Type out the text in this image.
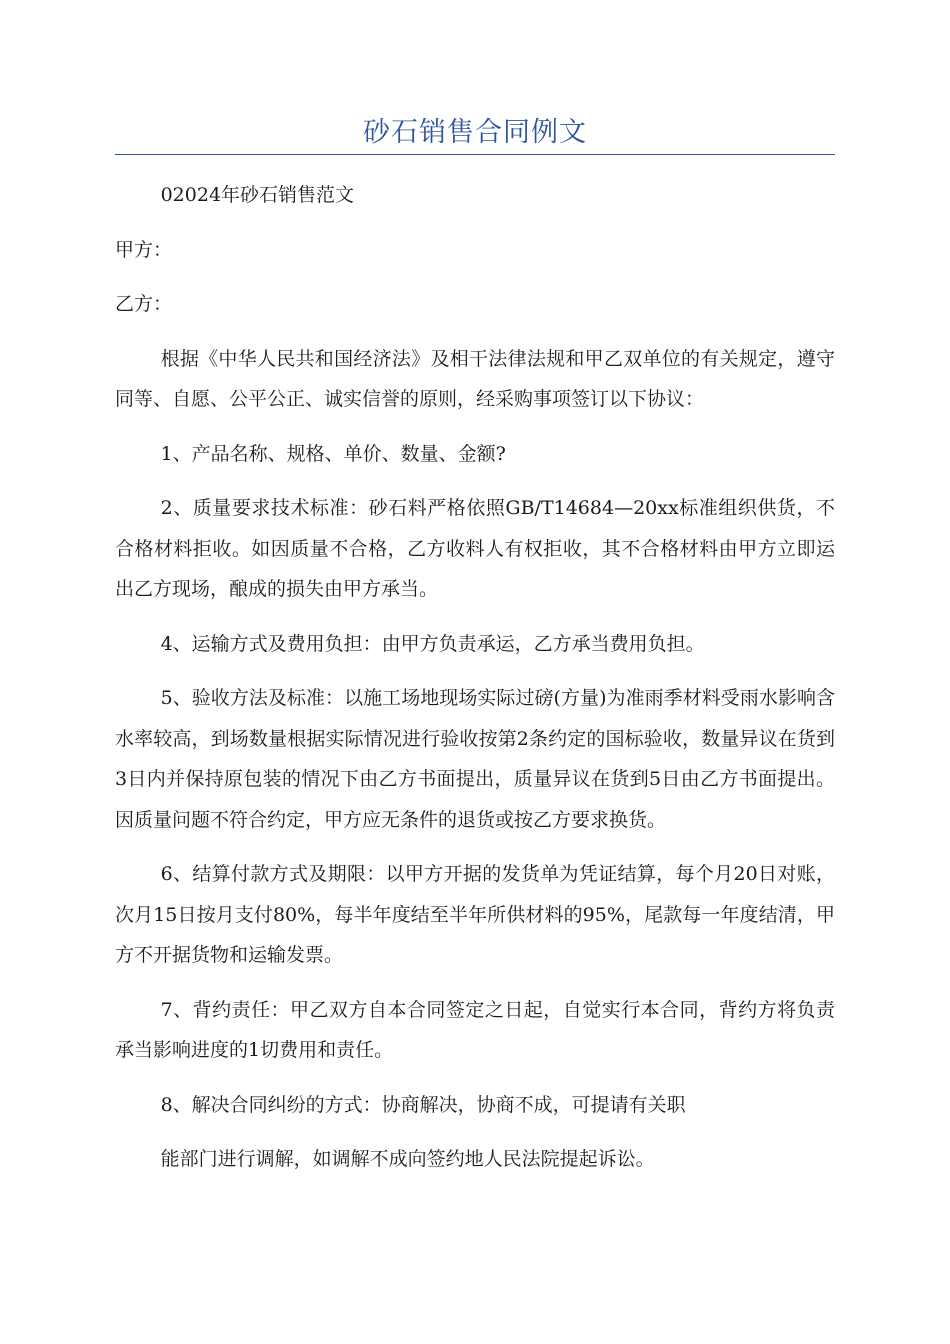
砂石销售合同例文

02024年砂石销售范文

甲方：

乙方：

根据《中华人民共和国经济法》及相干法律法规和甲乙双单位的有关规定，遵守同等、自愿、公平公正、诚实信誉的原则，经采购事项签订以下协议：

1、产品名称、规格、单价、数量、金额?

2、质量要求技术标准：砂石料严格依照GB/T14684—20xx标准组织供货，不合格材料拒收。如因质量不合格，乙方收料人有权拒收，其不合格材料由甲方立即运出乙方现场，酿成的损失由甲方承当。

4、运输方式及费用负担：由甲方负责承运，乙方承当费用负担。

5、验收方法及标准：以施工场地现场实际过磅(方量)为准雨季材料受雨水影响含水率较高，到场数量根据实际情况进行验收按第2条约定的国标验收，数量异议在货到3日内并保持原包装的情况下由乙方书面提出，质量异议在货到5日由乙方书面提出。因质量问题不符合约定，甲方应无条件的退货或按乙方要求换货。

6、结算付款方式及期限：以甲方开据的发货单为凭证结算，每个月20日对账，次月15日按月支付80%，每半年度结至半年所供材料的95%，尾款每一年度结清，甲方不开据货物和运输发票。

7、背约责任：甲乙双方自本合同签定之日起，自觉实行本合同，背约方将负责承当影响进度的1切费用和责任。

8、解决合同纠纷的方式：协商解决，协商不成，可提请有关职

能部门进行调解，如调解不成向签约地人民法院提起诉讼。
